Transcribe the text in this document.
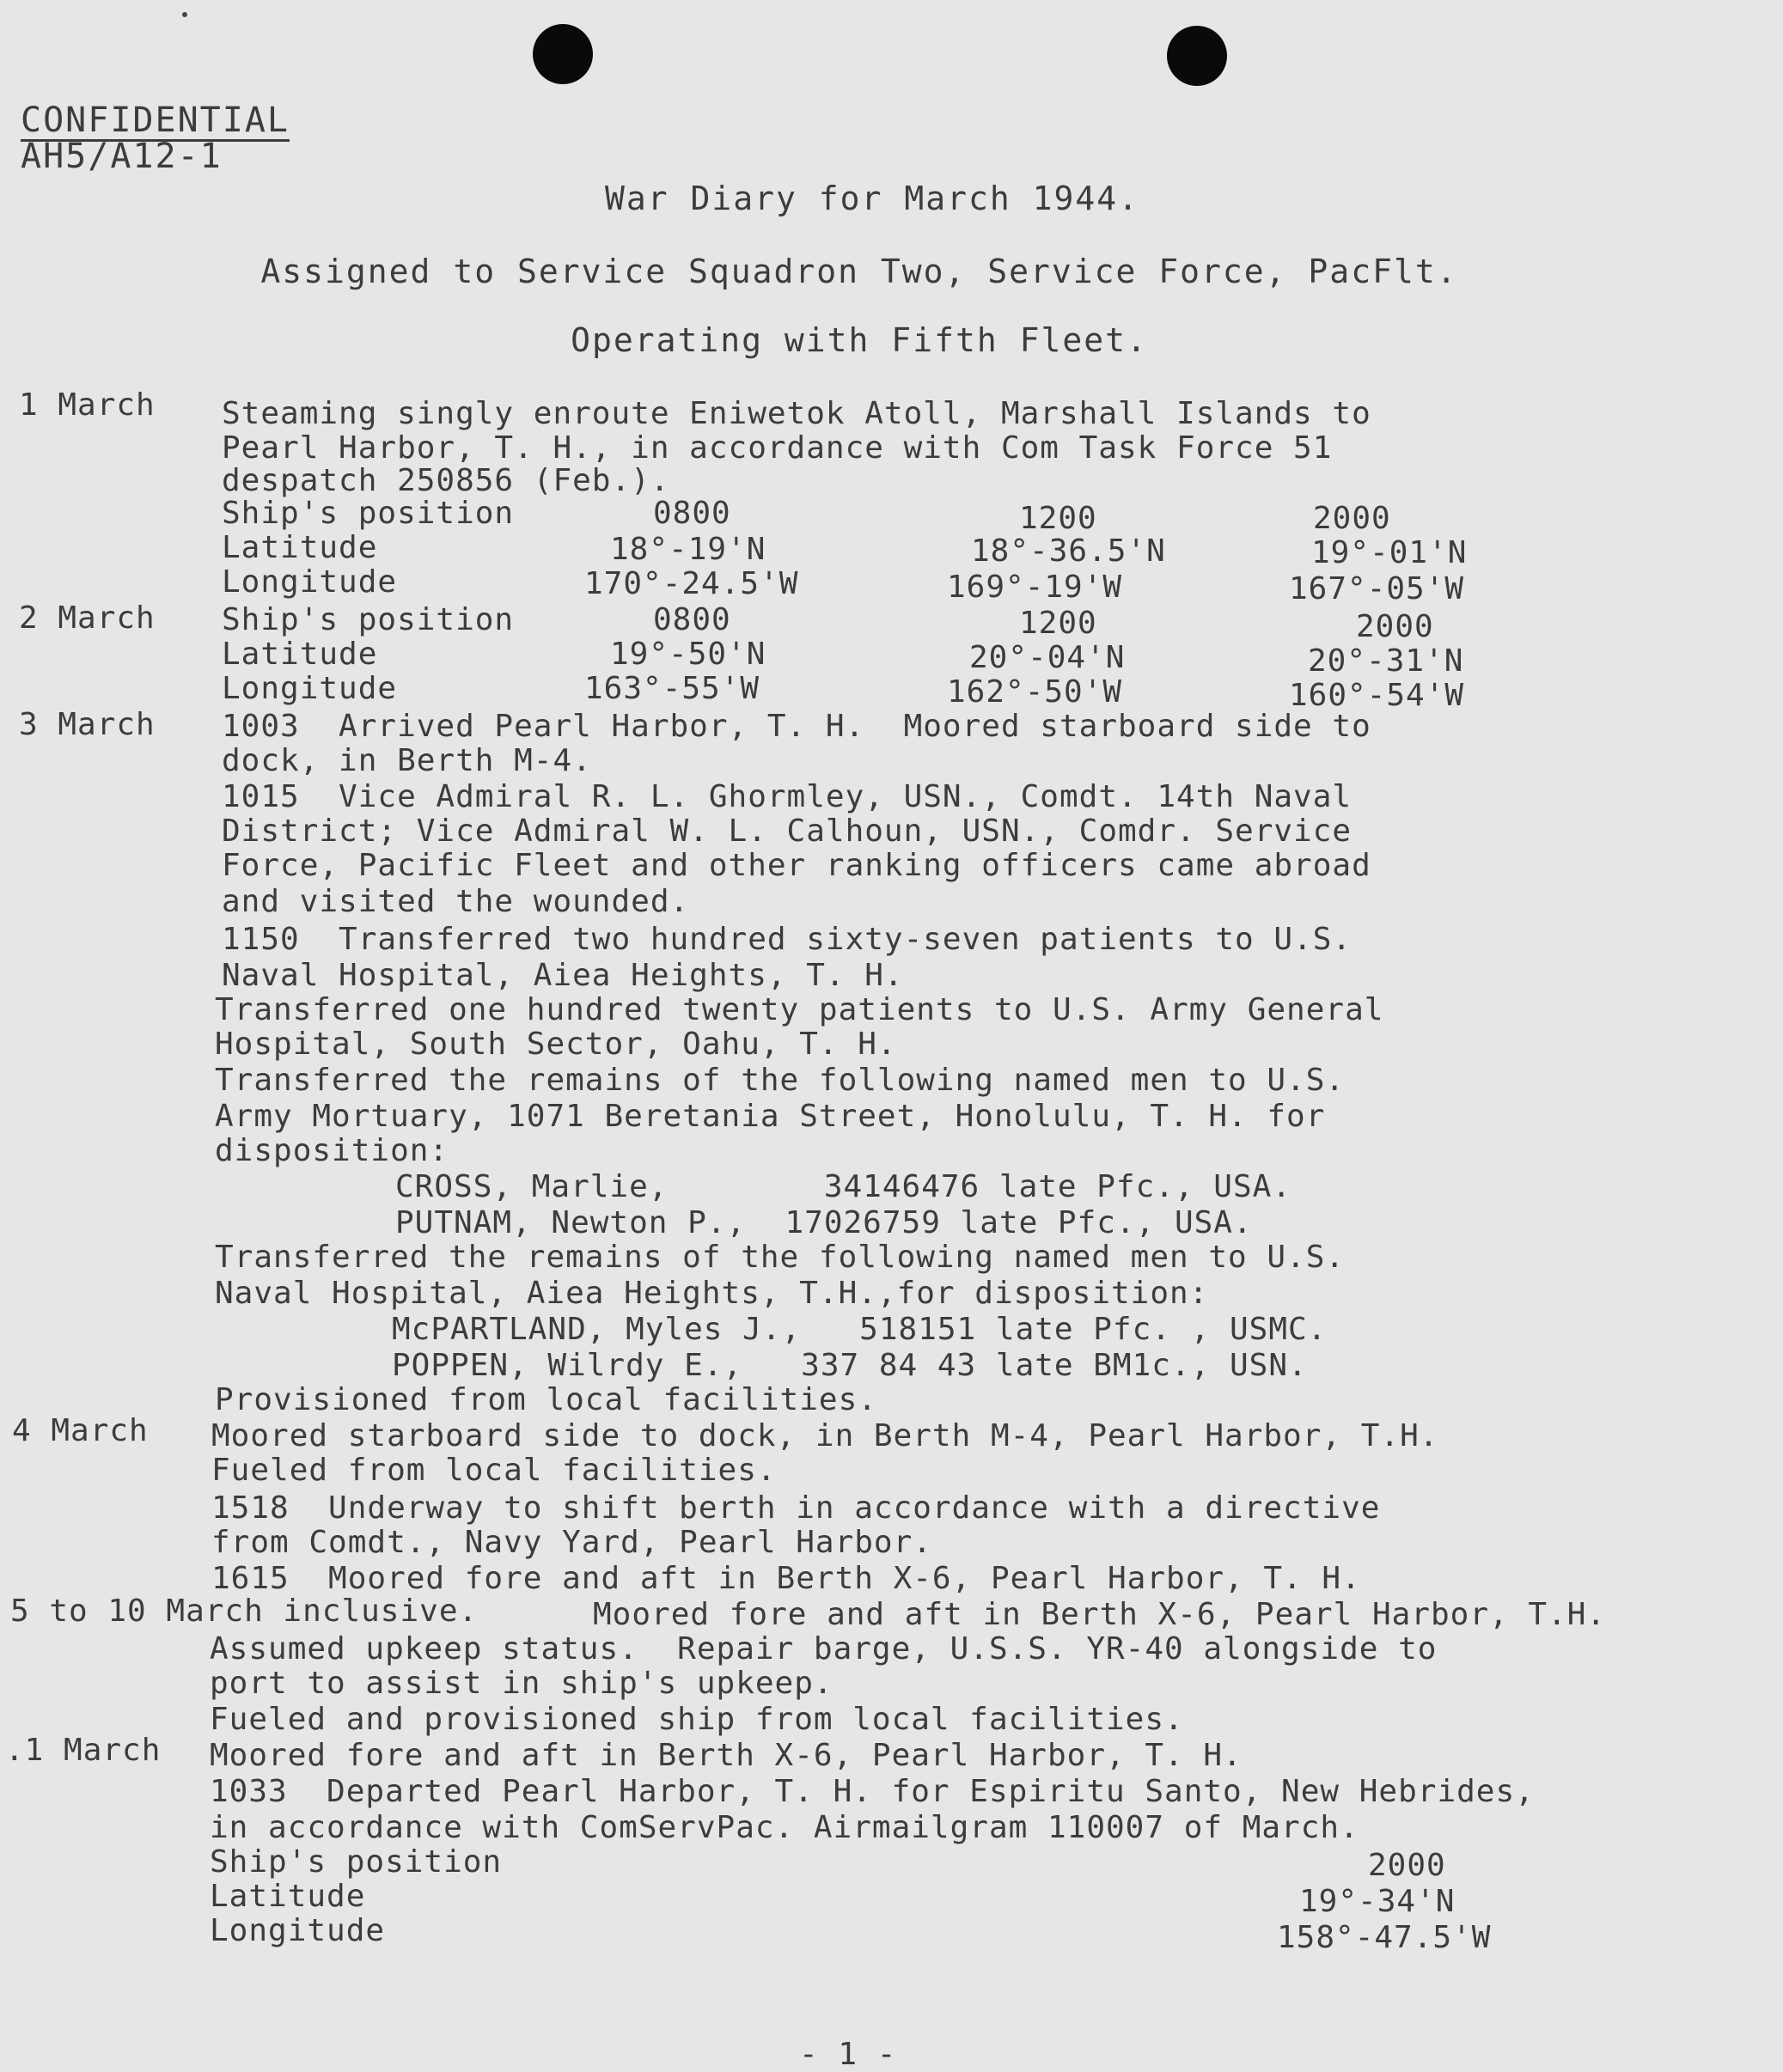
CONFIDENTIAL
AH5/A12-1
War Diary for March 1944.
Assigned to Service Squadron Two, Service Force, PacFlt.
Operating with Fifth Fleet.
1 March Steaming singly enroute Eniwetok Atoll, Marshall Islands to
Pearl Harbor, T. H., in accordance with Com Task Force 51
despatch 250856 (Feb.).
Ship's position	0800	1200	2000
Latitude	18°-19'N	18°-36.5'N	19°-01'N
Longitude	170°-24.5'W	169°-19'W	167°-05'W
2 March Ship's position	0800	1200	2000
Latitude	19°-50'N	20°-04'N	20°-31'N
Longitude	163°-55'W	162°-50'W	160°-54'W
3 March 1003  Arrived Pearl Harbor, T. H.  Moored starboard side to
dock, in Berth M-4.
1015  Vice Admiral R. L. Ghormley, USN., Comdt. 14th Naval
District; Vice Admiral W. L. Calhoun, USN., Comdr. Service
Force, Pacific Fleet and other ranking officers came abroad
and visited the wounded.
1150  Transferred two hundred sixty-seven patients to U.S.
Naval Hospital, Aiea Heights, T. H.
Transferred one hundred twenty patients to U.S. Army General
Hospital, South Sector, Oahu, T. H.
Transferred the remains of the following named men to U.S.
Army Mortuary, 1071 Beretania Street, Honolulu, T. H. for
disposition:
CROSS, Marlie,        34146476 late Pfc., USA.
PUTNAM, Newton P.,  17026759 late Pfc., USA.
Transferred the remains of the following named men to U.S.
Naval Hospital, Aiea Heights, T.H.,for disposition:
McPARTLAND, Myles J.,   518151 late Pfc. , USMC.
POPPEN, Wilrdy E.,   337 84 43 late BM1c., USN.
Provisioned from local facilities.
4 March Moored starboard side to dock, in Berth M-4, Pearl Harbor, T.H.
Fueled from local facilities.
1518  Underway to shift berth in accordance with a directive
from Comdt., Navy Yard, Pearl Harbor.
1615  Moored fore and aft in Berth X-6, Pearl Harbor, T. H.
5 to 10 March inclusive.	Moored fore and aft in Berth X-6, Pearl Harbor, T.H.
Assumed upkeep status.  Repair barge, U.S.S. YR-40 alongside to
port to assist in ship's upkeep.
Fueled and provisioned ship from local facilities.
.1 March Moored fore and aft in Berth X-6, Pearl Harbor, T. H.
1033  Departed Pearl Harbor, T. H. for Espiritu Santo, New Hebrides,
in accordance with ComServPac. Airmailgram 110007 of March.
Ship's position	2000
Latitude	19°-34'N
Longitude	158°-47.5'W
- 1 -
